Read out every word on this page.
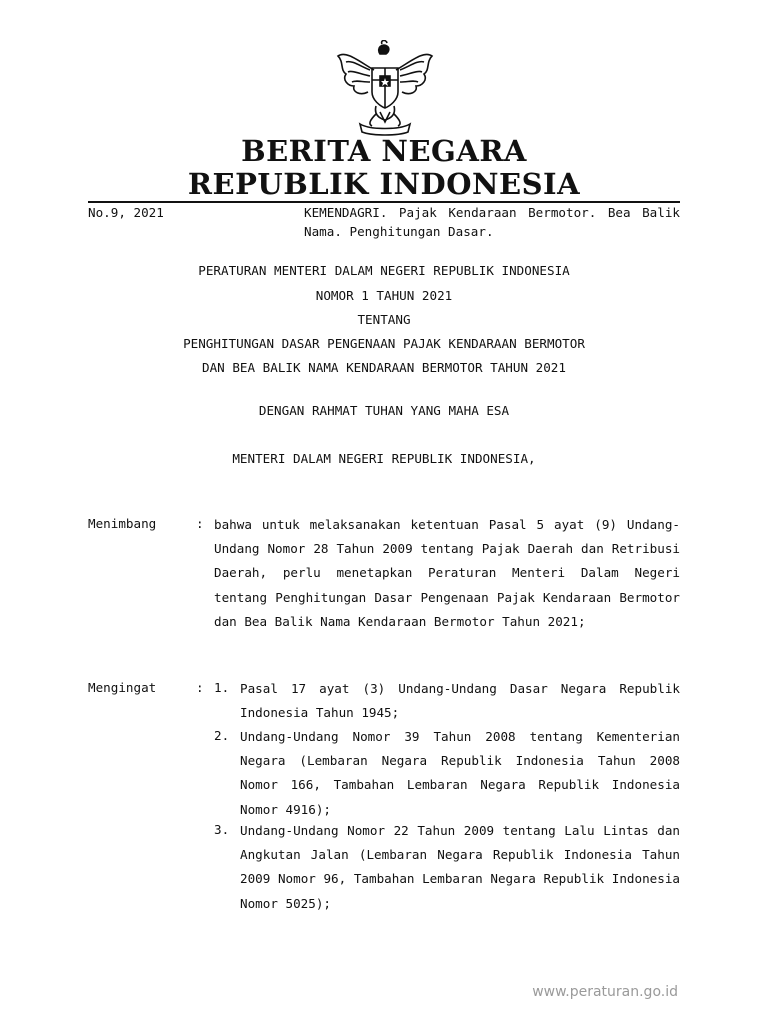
BERITA NEGARA
REPUBLIK INDONESIA
No.9, 2021	KEMENDAGRI. Pajak Kendaraan Bermotor. Bea Balik Nama. Penghitungan Dasar.
PERATURAN MENTERI DALAM NEGERI REPUBLIK INDONESIA
NOMOR 1 TAHUN 2021
TENTANG
PENGHITUNGAN DASAR PENGENAAN PAJAK KENDARAAN BERMOTOR
DAN BEA BALIK NAMA KENDARAAN BERMOTOR TAHUN 2021
DENGAN RAHMAT TUHAN YANG MAHA ESA
MENTERI DALAM NEGERI REPUBLIK INDONESIA,
Menimbang	: bahwa untuk melaksanakan ketentuan Pasal 5 ayat (9) Undang-Undang Nomor 28 Tahun 2009 tentang Pajak Daerah dan Retribusi Daerah, perlu menetapkan Peraturan Menteri Dalam Negeri tentang Penghitungan Dasar Pengenaan Pajak Kendaraan Bermotor dan Bea Balik Nama Kendaraan Bermotor Tahun 2021;
Mengingat	: 1. Pasal 17 ayat (3) Undang-Undang Dasar Negara Republik Indonesia Tahun 1945;
2. Undang-Undang Nomor 39 Tahun 2008 tentang Kementerian Negara (Lembaran Negara Republik Indonesia Tahun 2008 Nomor 166, Tambahan Lembaran Negara Republik Indonesia Nomor 4916);
3. Undang-Undang Nomor 22 Tahun 2009 tentang Lalu Lintas dan Angkutan Jalan (Lembaran Negara Republik Indonesia Tahun 2009 Nomor 96, Tambahan Lembaran Negara Republik Indonesia Nomor 5025);
www.peraturan.go.id
